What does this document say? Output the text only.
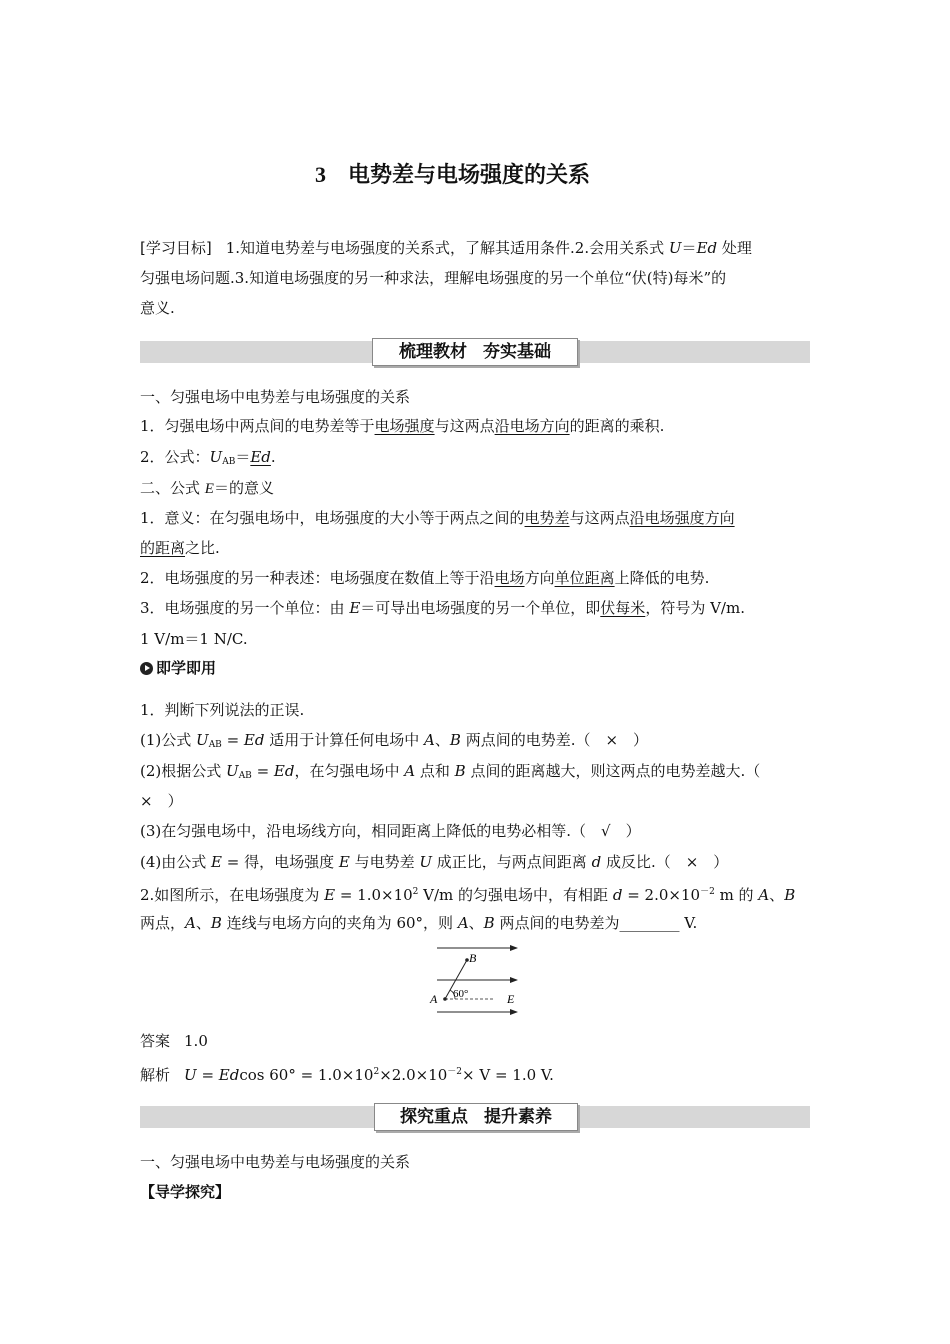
3 电势差与电场强度的关系
[学习目标] 1.知道电势差与电场强度的关系式，了解其适用条件.2.会用关系式 U＝Ed 处理
匀强电场问题.3.知道电场强度的另一种求法，理解电场强度的另一个单位“伏(特)每米”的
意义.
梳理教材 夯实基础
一、匀强电场中电势差与电场强度的关系
1．匀强电场中两点间的电势差等于电场强度与这两点沿电场方向的距离的乘积.
2．公式：$U_{AB}=Ed$.
二、公式 E＝的意义
1．意义：在匀强电场中，电场强度的大小等于两点之间的电势差与这两点沿电场强度方向
的距离之比.
2．电场强度的另一种表述：电场强度在数值上等于沿电场方向单位距离上降低的电势.
3．电场强度的另一个单位：由 E＝可导出电场强度的另一个单位，即伏每米，符号为 V/m.
1 V/m＝1 N/C.
即学即用
1．判断下列说法的正误.
(1)公式 $U_{AB} = Ed$ 适用于计算任何电场中 A、B 两点间的电势差.（　×　）
(2)根据公式 $U_{AB} = Ed$，在匀强电场中 A 点和 B 点间的距离越大，则这两点的电势差越大.（
×　）
(3)在匀强电场中，沿电场线方向，相同距离上降低的电势必相等.（　√　）
(4)由公式 E = 得，电场强度 E 与电势差 U 成正比，与两点间距离 d 成反比.（　×　）
2.如图所示，在电场强度为 $E = 1.0\times 10^2$ V/m 的匀强电场中，有相距 $d = 2.0\times 10^{-2}$ m 的 A、B
两点，A、B 连线与电场方向的夹角为 60°，则 A、B 两点间的电势差为________ V.
B
A	E
60°
答案 1.0
解析 U = Edcos $60^\circ = 1.0\times 10^2\times 2.0\times 10^{-2}\times V = 1.0$ V.
探究重点 提升素养
一、匀强电场中电势差与电场强度的关系
【导学探究】
